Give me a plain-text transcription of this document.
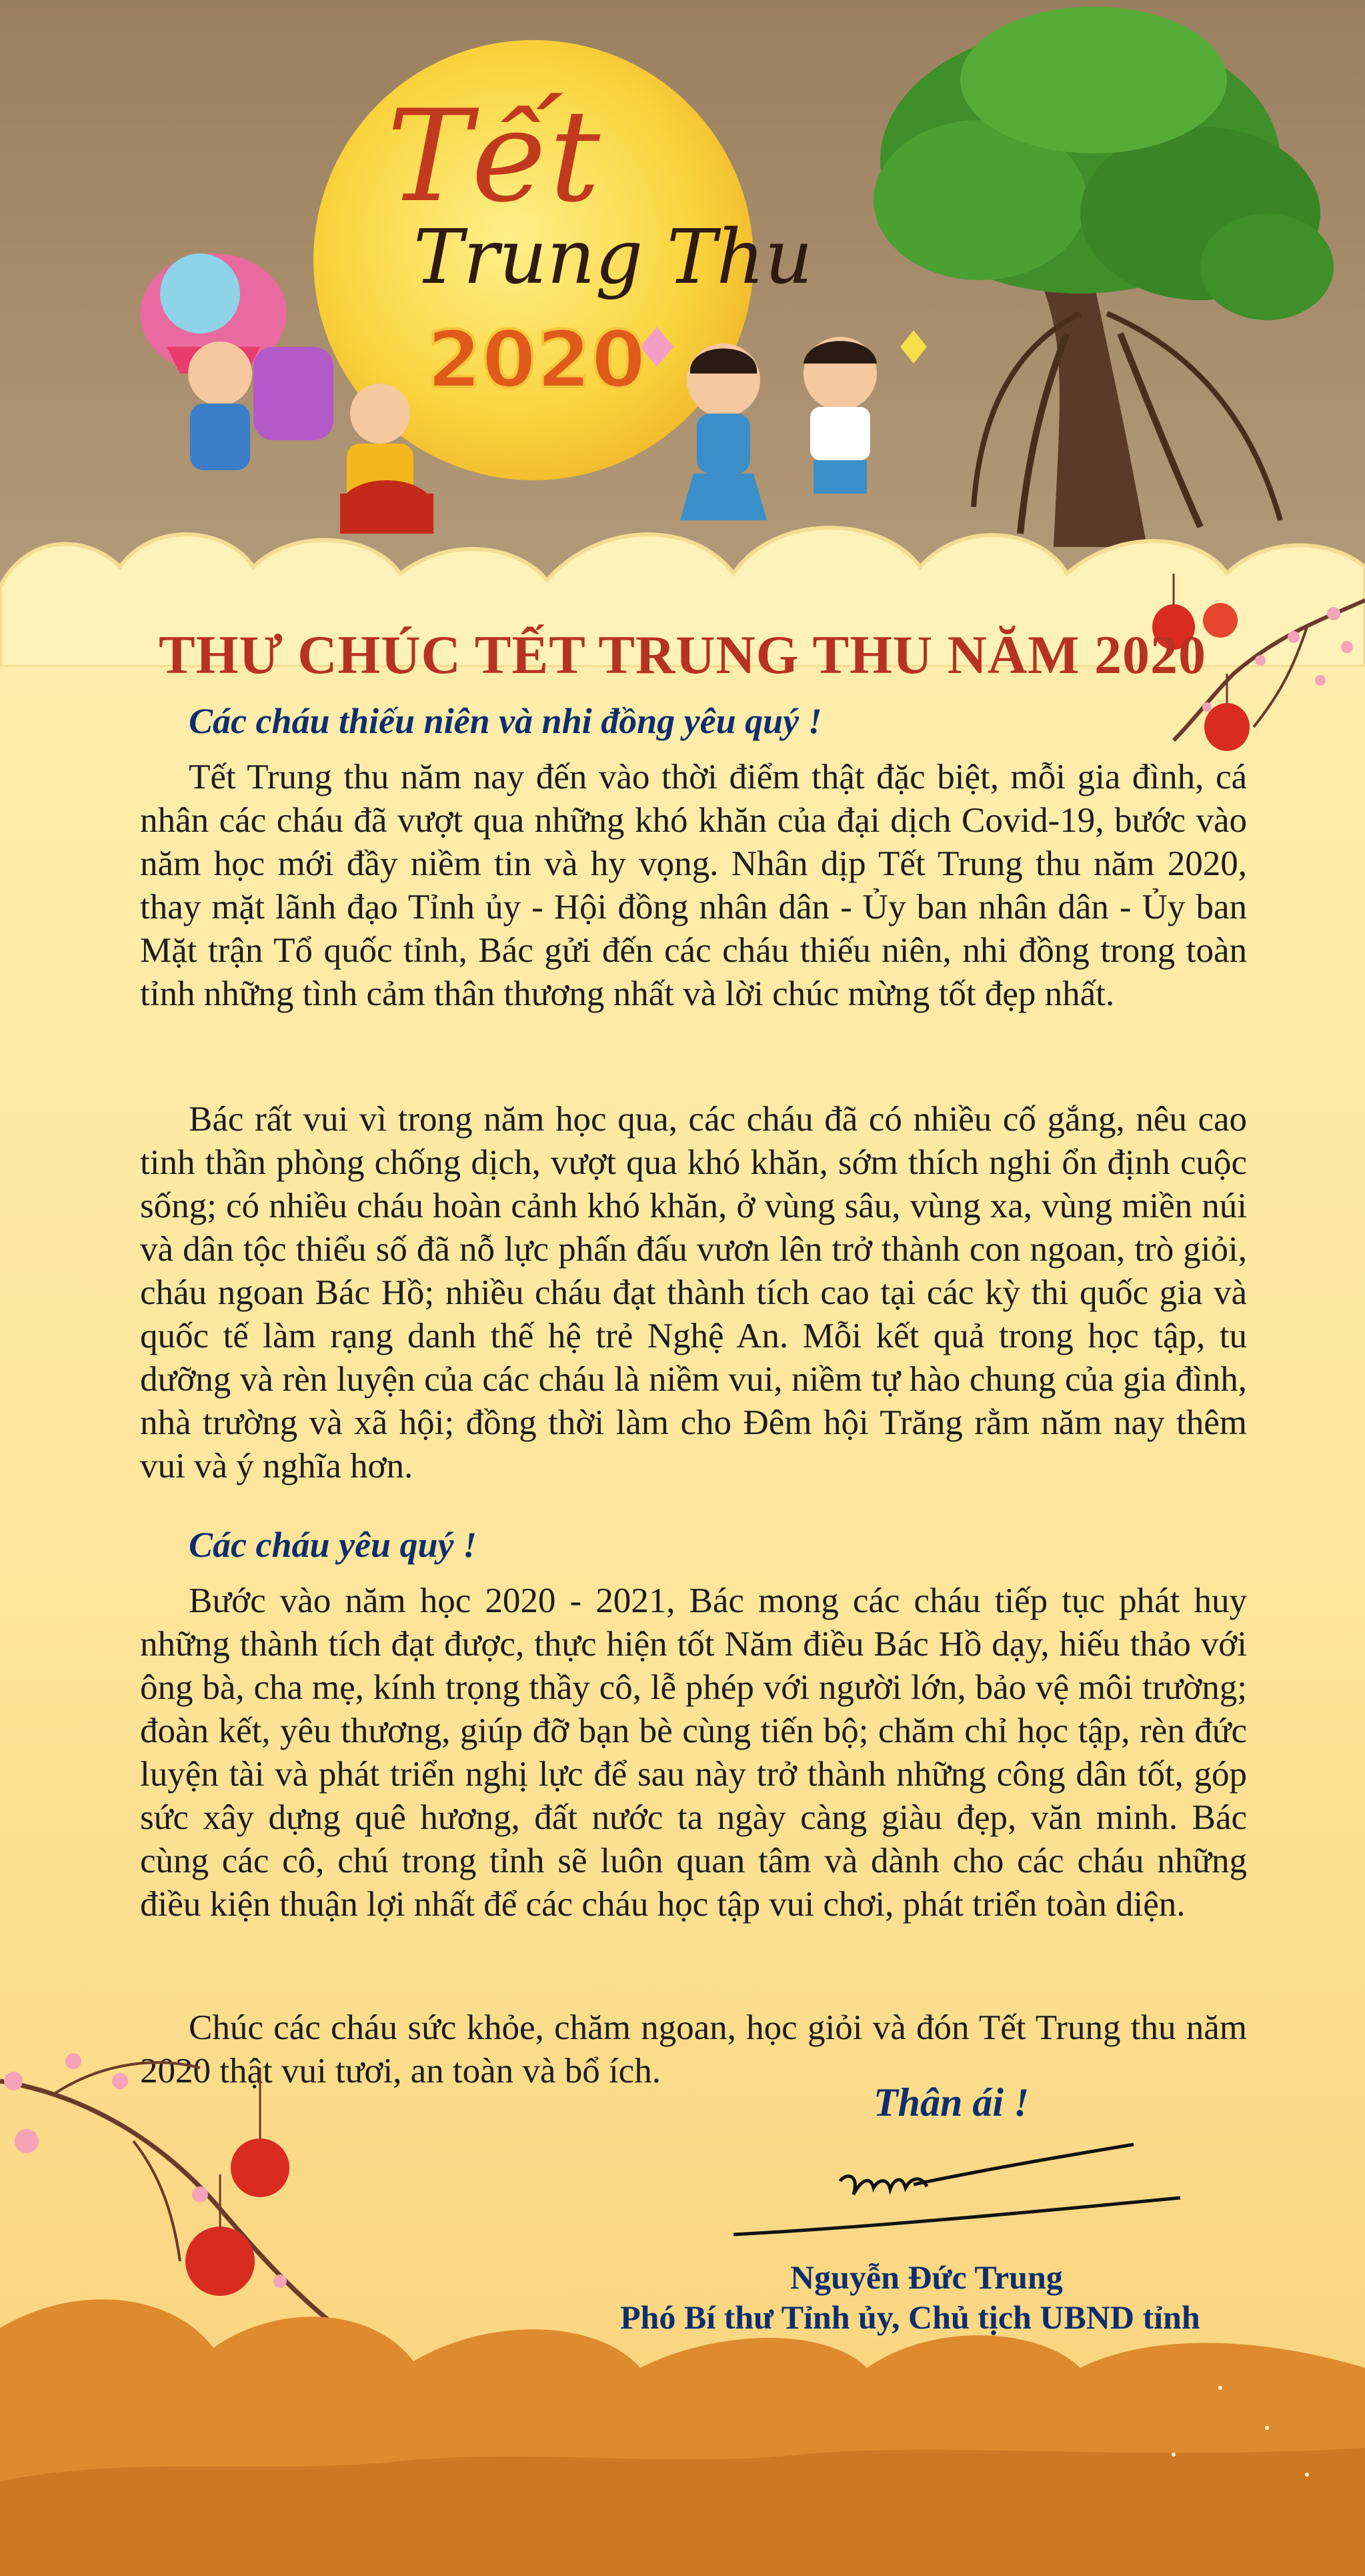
Tết
Trung Thu
2020
THƯ CHÚC TẾT TRUNG THU NĂM 2020
Các cháu thiếu niên và nhi đồng yêu quý !

Tết Trung thu năm nay đến vào thời điểm thật đặc biệt, mỗi gia đình, cá nhân các cháu đã vượt qua những khó khăn của đại dịch Covid-19, bước vào năm học mới đầy niềm tin và hy vọng. Nhân dịp Tết Trung thu năm 2020, thay mặt lãnh đạo Tỉnh ủy - Hội đồng nhân dân - Ủy ban nhân dân - Ủy ban Mặt trận Tổ quốc tỉnh, Bác gửi đến các cháu thiếu niên, nhi đồng trong toàn tỉnh những tình cảm thân thương nhất và lời chúc mừng tốt đẹp nhất.

Bác rất vui vì trong năm học qua, các cháu đã có nhiều cố gắng, nêu cao tinh thần phòng chống dịch, vượt qua khó khăn, sớm thích nghi ổn định cuộc sống; có nhiều cháu hoàn cảnh khó khăn, ở vùng sâu, vùng xa, vùng miền núi và dân tộc thiểu số đã nỗ lực phấn đấu vươn lên trở thành con ngoan, trò giỏi, cháu ngoan Bác Hồ; nhiều cháu đạt thành tích cao tại các kỳ thi quốc gia và quốc tế làm rạng danh thế hệ trẻ Nghệ An. Mỗi kết quả trong học tập, tu dưỡng và rèn luyện của các cháu là niềm vui, niềm tự hào chung của gia đình, nhà trường và xã hội; đồng thời làm cho Đêm hội Trăng rằm năm nay thêm vui và ý nghĩa hơn.

Các cháu yêu quý !

Bước vào năm học 2020 - 2021, Bác mong các cháu tiếp tục phát huy những thành tích đạt được, thực hiện tốt Năm điều Bác Hồ dạy, hiếu thảo với ông bà, cha mẹ, kính trọng thầy cô, lễ phép với người lớn, bảo vệ môi trường; đoàn kết, yêu thương, giúp đỡ bạn bè cùng tiến bộ; chăm chỉ học tập, rèn đức luyện tài và phát triển nghị lực để sau này trở thành những công dân tốt, góp sức xây dựng quê hương, đất nước ta ngày càng giàu đẹp, văn minh. Bác cùng các cô, chú trong tỉnh sẽ luôn quan tâm và dành cho các cháu những điều kiện thuận lợi nhất để các cháu học tập vui chơi, phát triển toàn diện.

Chúc các cháu sức khỏe, chăm ngoan, học giỏi và đón Tết Trung thu năm 2020 thật vui tươi, an toàn và bổ ích.

Thân ái !
Nguyễn Đức Trung
Phó Bí thư Tỉnh ủy, Chủ tịch UBND tỉnh
